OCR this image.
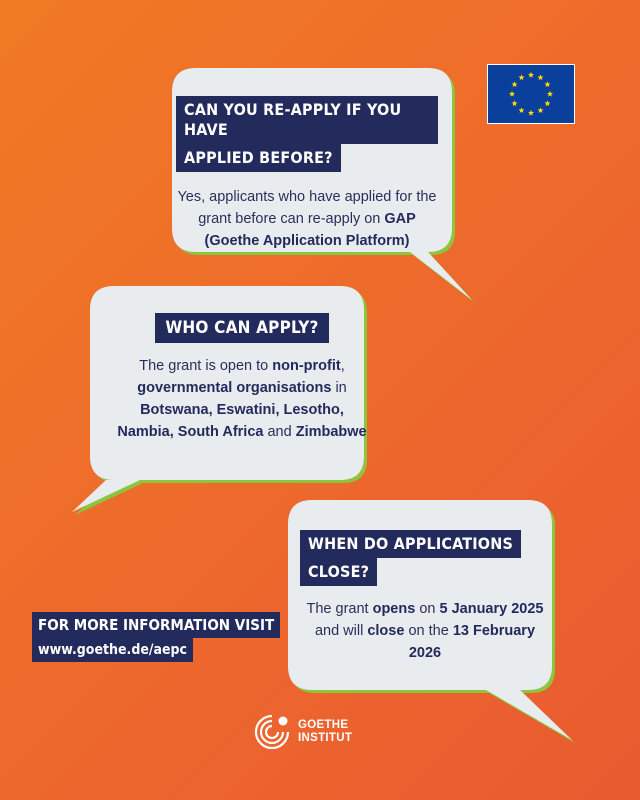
CAN YOU RE-APPLY IF YOU HAVE
APPLIED BEFORE?
Yes, applicants who have applied for the grant before can re-apply on GAP (Goethe Application Platform)
WHO CAN APPLY?
The grant is open to non-profit, governmental organisations in Botswana, Eswatini, Lesotho, Nambia, South Africa and Zimbabwe
WHEN DO APPLICATIONS
CLOSE?
The grant opens on 5 January 2025 and will close on the 13 February 2026
FOR MORE INFORMATION VISIT
www.goethe.de/aepc
GOETHE
INSTITUT
